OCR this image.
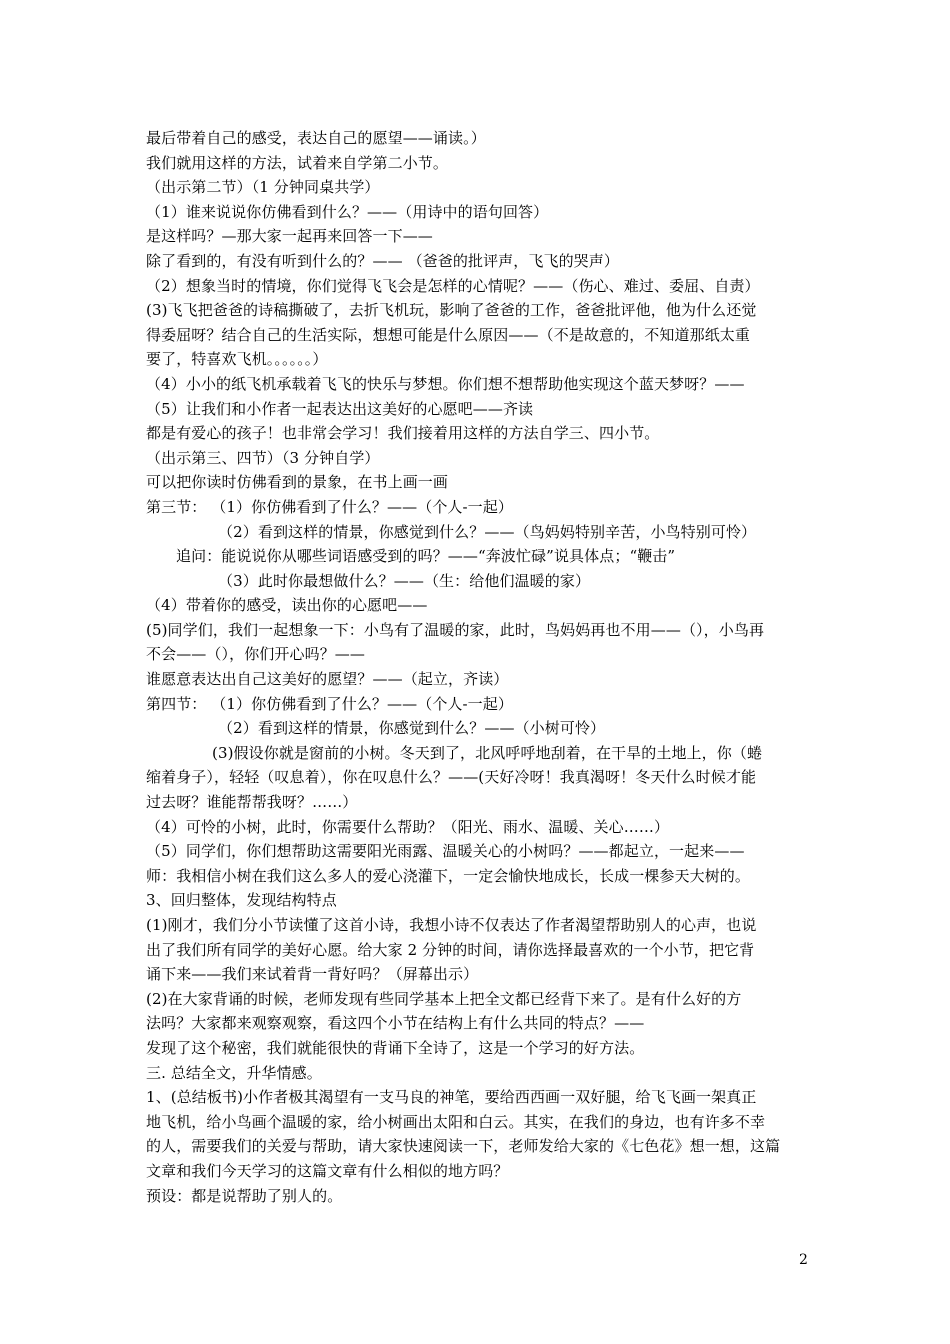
最后带着自己的感受，表达自己的愿望——诵读。）
我们就用这样的方法，试着来自学第二小节。
（出示第二节）（1 分钟同桌共学）
（1）谁来说说你仿佛看到什么？——（用诗中的语句回答）
是这样吗？—那大家一起再来回答一下——
除了看到的，有没有听到什么的？—— （爸爸的批评声，飞飞的哭声）
（2）想象当时的情境，你们觉得飞飞会是怎样的心情呢？——（伤心、难过、委屈、自责）
(3)飞飞把爸爸的诗稿撕破了，去折飞机玩，影响了爸爸的工作，爸爸批评他，他为什么还觉
得委屈呀？结合自己的生活实际，想想可能是什么原因——（不是故意的，不知道那纸太重
要了，特喜欢飞机。。。。。。）
（4）小小的纸飞机承载着飞飞的快乐与梦想。你们想不想帮助他实现这个蓝天梦呀？——
（5）让我们和小作者一起表达出这美好的心愿吧——齐读
都是有爱心的孩子！也非常会学习！我们接着用这样的方法自学三、四小节。
（出示第三、四节）（3 分钟自学）
可以把你读时仿佛看到的景象，在书上画一画
第三节： （1）你仿佛看到了什么？——（个人-一起）
（2）看到这样的情景，你感觉到什么？——（鸟妈妈特别辛苦，小鸟特别可怜）
追问：能说说你从哪些词语感受到的吗？——“奔波忙碌”说具体点；“鞭击”
（3）此时你最想做什么？——（生：给他们温暖的家）
（4）带着你的感受，读出你的心愿吧——
(5)同学们，我们一起想象一下：小鸟有了温暖的家，此时，鸟妈妈再也不用——（），小鸟再
不会——（），你们开心吗？——
谁愿意表达出自己这美好的愿望？——（起立，齐读）
第四节： （1）你仿佛看到了什么？——（个人-一起）
（2）看到这样的情景，你感觉到什么？——（小树可怜）
(3)假设你就是窗前的小树。冬天到了，北风呼呼地刮着，在干旱的土地上，你（蜷
缩着身子），轻轻（叹息着），你在叹息什么？——(天好冷呀！我真渴呀！冬天什么时候才能
过去呀？谁能帮帮我呀？……）
（4）可怜的小树，此时，你需要什么帮助？（阳光、雨水、温暖、关心……）
（5）同学们，你们想帮助这需要阳光雨露、温暖关心的小树吗？——都起立，一起来——
师：我相信小树在我们这么多人的爱心浇灌下，一定会愉快地成长，长成一棵参天大树的。
3、回归整体，发现结构特点
(1)刚才，我们分小节读懂了这首小诗，我想小诗不仅表达了作者渴望帮助别人的心声，也说
出了我们所有同学的美好心愿。给大家 2 分钟的时间，请你选择最喜欢的一个小节，把它背
诵下来——我们来试着背一背好吗？（屏幕出示）
(2)在大家背诵的时候，老师发现有些同学基本上把全文都已经背下来了。是有什么好的方
法吗？大家都来观察观察，看这四个小节在结构上有什么共同的特点？——
发现了这个秘密，我们就能很快的背诵下全诗了，这是一个学习的好方法。
三. 总结全文，升华情感。
1、(总结板书)小作者极其渴望有一支马良的神笔，要给西西画一双好腿，给飞飞画一架真正
地飞机，给小鸟画个温暖的家，给小树画出太阳和白云。其实，在我们的身边，也有许多不幸
的人，需要我们的关爱与帮助，请大家快速阅读一下，老师发给大家的《七色花》想一想，这篇
文章和我们今天学习的这篇文章有什么相似的地方吗？
预设：都是说帮助了别人的。
2
